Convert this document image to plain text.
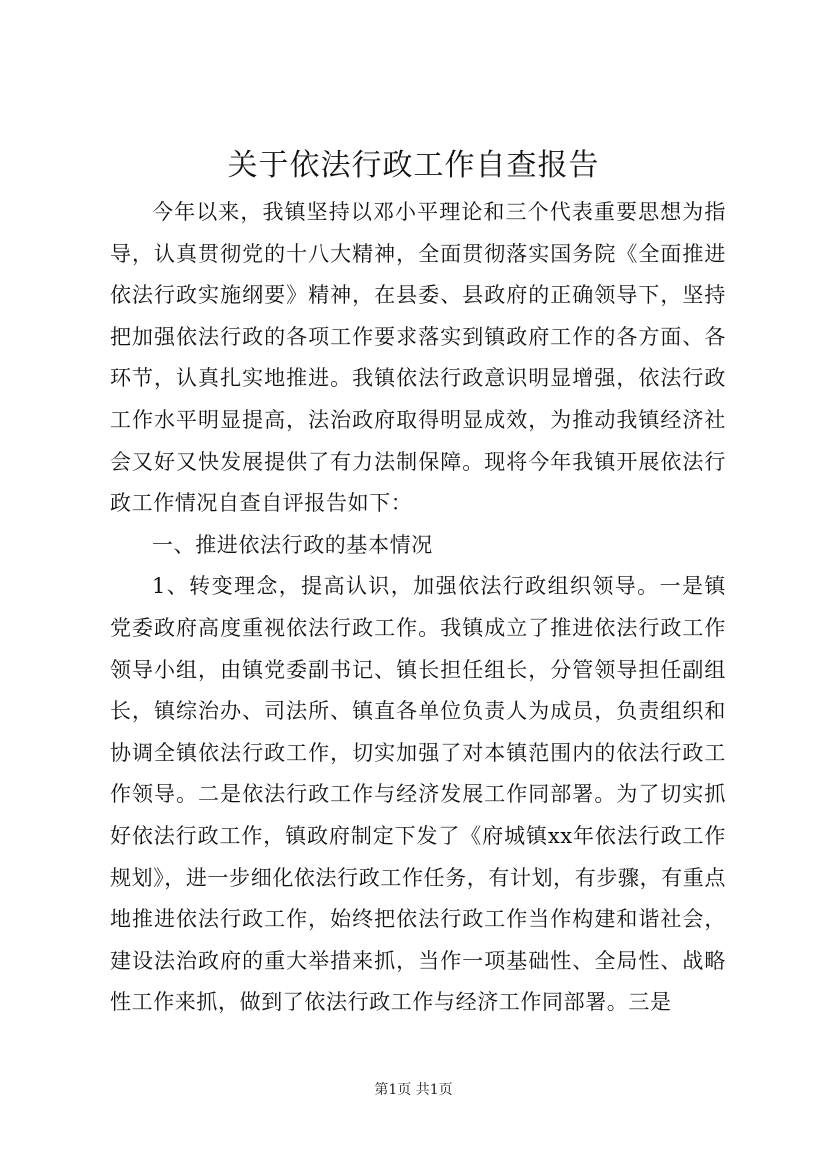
关于依法行政工作自查报告

今年以来，我镇坚持以邓小平理论和三个代表重要思想为指导，认真贯彻党的十八大精神，全面贯彻落实国务院《全面推进依法行政实施纲要》精神，在县委、县政府的正确领导下，坚持把加强依法行政的各项工作要求落实到镇政府工作的各方面、各环节，认真扎实地推进。我镇依法行政意识明显增强，依法行政工作水平明显提高，法治政府取得明显成效，为推动我镇经济社会又好又快发展提供了有力法制保障。现将今年我镇开展依法行政工作情况自查自评报告如下：

一、推进依法行政的基本情况

1、转变理念，提高认识，加强依法行政组织领导。一是镇党委政府高度重视依法行政工作。我镇成立了推进依法行政工作领导小组，由镇党委副书记、镇长担任组长，分管领导担任副组长，镇综治办、司法所、镇直各单位负责人为成员，负责组织和协调全镇依法行政工作，切实加强了对本镇范围内的依法行政工作领导。二是依法行政工作与经济发展工作同部署。为了切实抓好依法行政工作，镇政府制定下发了《府城镇xx年依法行政工作规划》，进一步细化依法行政工作任务，有计划，有步骤，有重点地推进依法行政工作，始终把依法行政工作当作构建和谐社会，建设法治政府的重大举措来抓，当作一项基础性、全局性、战略性工作来抓，做到了依法行政工作与经济工作同部署。三是

第1页 共1页
